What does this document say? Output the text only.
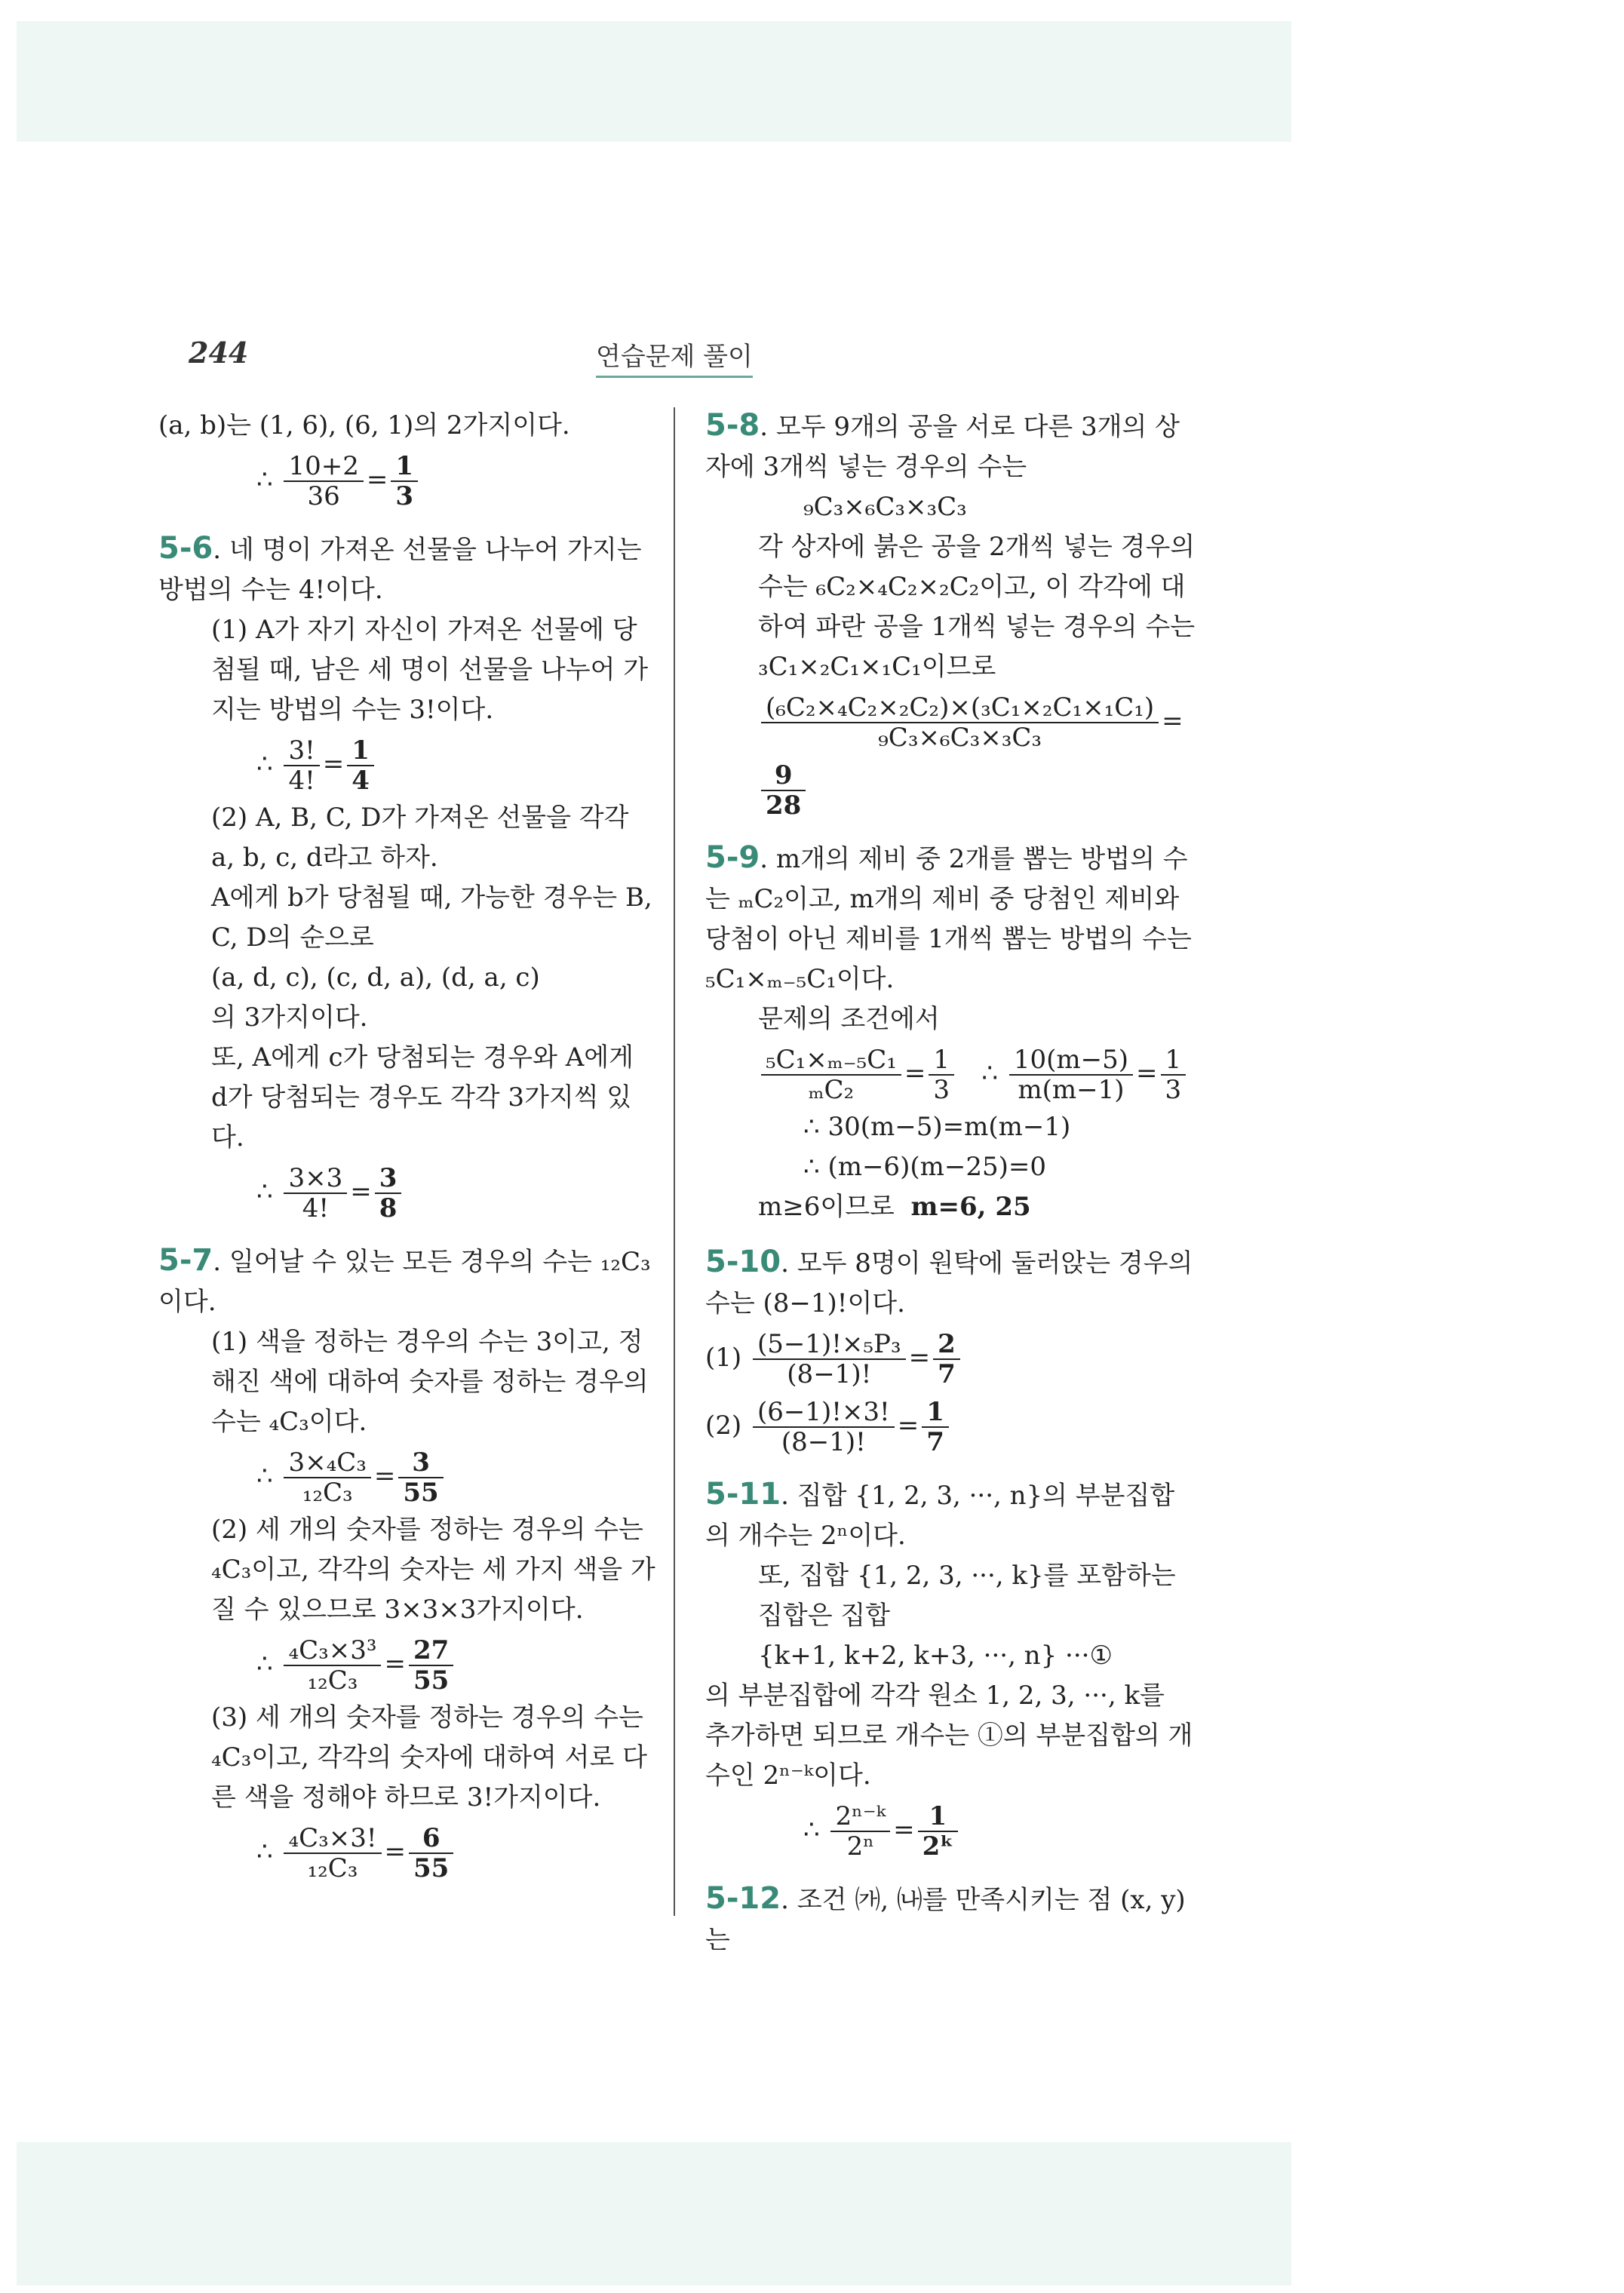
244	연습문제 풀이

(a, b)는 (1, 6), (6, 1)의 2가지이다.

∴ $\frac{10+2}{36} = \frac{1}{3}$

5-6. 네 명이 가져온 선물을 나누어 가지는 방법의 수는 4!이다.

(1) A가 자기 자신이 가져온 선물에 당첨될 때, 남은 세 명이 선물을 나누어 가지는 방법의 수는 3!이다.

∴ $\frac{3!}{4!} = \frac{1}{4}$

(2) A, B, C, D가 가져온 선물을 각각 a, b, c, d라고 하자.

A에게 b가 당첨될 때, 가능한 경우는 B, C, D의 순으로

(a, d, c), (c, d, a), (d, a, c)

의 3가지이다.

또, A에게 c가 당첨되는 경우와 A에게 d가 당첨되는 경우도 각각 3가지씩 있다.

∴ $\frac{3\times 3}{4!} = \frac{3}{8}$

5-7. 일어날 수 있는 모든 경우의 수는 ₁₂C₃이다.

(1) 색을 정하는 경우의 수는 3이고, 정해진 색에 대하여 숫자를 정하는 경우의 수는 ₄C₃이다.

∴ $\frac{\text{3×₄C₃}}{\text{₁₂C₃}} = \frac{3}{55}$

(2) 세 개의 숫자를 정하는 경우의 수는 ₄C₃이고, 각각의 숫자는 세 가지 색을 가질 수 있으므로 3×3×3가지이다.

∴ $\frac{\text{₄C₃×3³}}{\text{₁₂C₃}} = \frac{27}{55}$

(3) 세 개의 숫자를 정하는 경우의 수는 ₄C₃이고, 각각의 숫자에 대하여 서로 다른 색을 정해야 하므로 3!가지이다.

∴ $\frac{\text{₄C₃×3!}}{\text{₁₂C₃}} = \frac{6}{55}$

5-8. 모두 9개의 공을 서로 다른 3개의 상자에 3개씩 넣는 경우의 수는

₉C₃×₆C₃×₃C₃

각 상자에 붉은 공을 2개씩 넣는 경우의 수는 ₆C₂×₄C₂×₂C₂이고, 이 각각에 대하여 파란 공을 1개씩 넣는 경우의 수는 ₃C₁×₂C₁×₁C₁이므로

$\frac{\text{(₆C₂×₄C₂×₂C₂)×(₃C₁×₂C₁×₁C₁)}}{\text{₉C₃×₆C₃×₃C₃}}$ =
$\frac{9}{28}$

5-9. m개의 제비 중 2개를 뽑는 방법의 수는 ₘC₂이고, m개의 제비 중 당첨인 제비와 당첨이 아닌 제비를 1개씩 뽑는 방법의 수는 ₅C₁×ₘ₋₅C₁이다.

문제의 조건에서

$\frac{\text{₅C₁×ₘ₋₅C₁}}{\text{ₘC₂}} = \frac{1}{3}$ ∴ $\frac{10(m-5)}{m(m-1)} = \frac{1}{3}$

∴ 30(m−5)=m(m−1)

∴ (m−6)(m−25)=0

m≥6이므로 m=6, 25

5-10. 모두 8명이 원탁에 둘러앉는 경우의 수는 (8−1)!이다.

$(1) \frac{\text{(5−1)!×₅P₃}}{(8-1)!} = \frac{2}{7}$

$(2) \frac{(6-1)!\times 3!}{(8-1)!} = \frac{1}{7}$

5-11. 집합 {1, 2, 3, ···, n}의 부분집합의 개수는 2ⁿ이다.

또, 집합 {1, 2, 3, ···, k}를 포함하는 집합은 집합

{k+1, k+2, k+3, ···, n} ···①

의 부분집합에 각각 원소 1, 2, 3, ···, k를 추가하면 되므로 개수는 ①의 부분집합의 개수인 2ⁿ⁻ᵏ이다.

∴ $\frac{\text{2ⁿ⁻ᵏ}}{\text{2ⁿ}} = \frac{1}{\text{2ᵏ}}$

5-12. 조건 ㈎, ㈏를 만족시키는 점 (x, y)는
